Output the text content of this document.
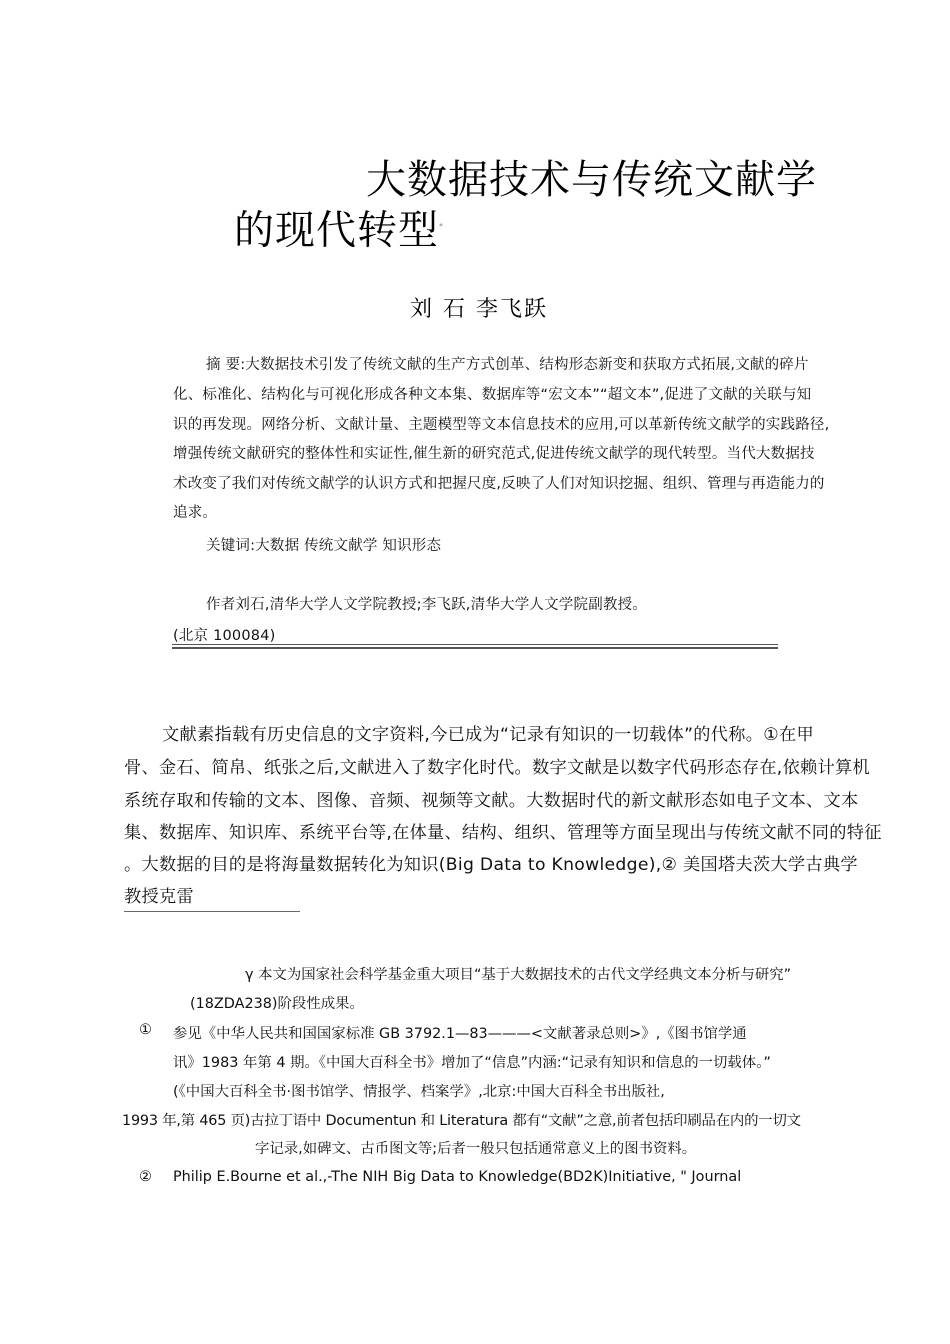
大数据技术与传统文献学
的现代转型*
刘 石 李飞跃
摘 要:大数据技术引发了传统文献的生产方式创革、结构形态新变和获取方式拓展,文献的碎片
化、标准化、结构化与可视化形成各种文本集、数据库等“宏文本”“超文本”,促进了文献的关联与知
识的再发现。网络分析、文献计量、主题模型等文本信息技术的应用,可以革新传统文献学的实践路径,
增强传统文献研究的整体性和实证性,催生新的研究范式,促进传统文献学的现代转型。当代大数据技
术改变了我们对传统文献学的认识方式和把握尺度,反映了人们对知识挖掘、组织、管理与再造能力的
追求。
关键词:大数据 传统文献学 知识形态
作者刘石,清华大学人文学院教授;李飞跃,清华大学人文学院副教授。
(北京 100084)
文献素指载有历史信息的文字资料,今已成为“记录有知识的一切载体”的代称。①在甲
骨、金石、简帛、纸张之后,文献进入了数字化时代。数字文献是以数字代码形态存在,依赖计算机
系统存取和传输的文本、图像、音频、视频等文献。大数据时代的新文献形态如电子文本、文本
集、数据库、知识库、系统平台等,在体量、结构、组织、管理等方面呈现出与传统文献不同的特征
。大数据的目的是将海量数据转化为知识(Big Data to Knowledge),② 美国塔夫茨大学古典学
教授克雷
γ 本文为国家社会科学基金重大项目“基于大数据技术的古代文学经典文本分析与研究”
(18ZDA238)阶段性成果。
① 参见《中华人民共和国国家标准 GB 3792.1—83———<文献著录总则>》,《图书馆学通
讯》1983 年第 4 期。《中国大百科全书》增加了“信息”内涵:“记录有知识和信息的一切载体。”
(《中国大百科全书·图书馆学、情报学、档案学》,北京:中国大百科全书出版社,
1993 年,第 465 页)古拉丁语中 Documentun 和 Literatura 都有“文献”之意,前者包括印刷品在内的一切文
字记录,如碑文、古币图文等;后者一般只包括通常意义上的图书资料。
② Philip E.Bourne et al.,-The NIH Big Data to Knowledge(BD2K)Initiative, " Journal
